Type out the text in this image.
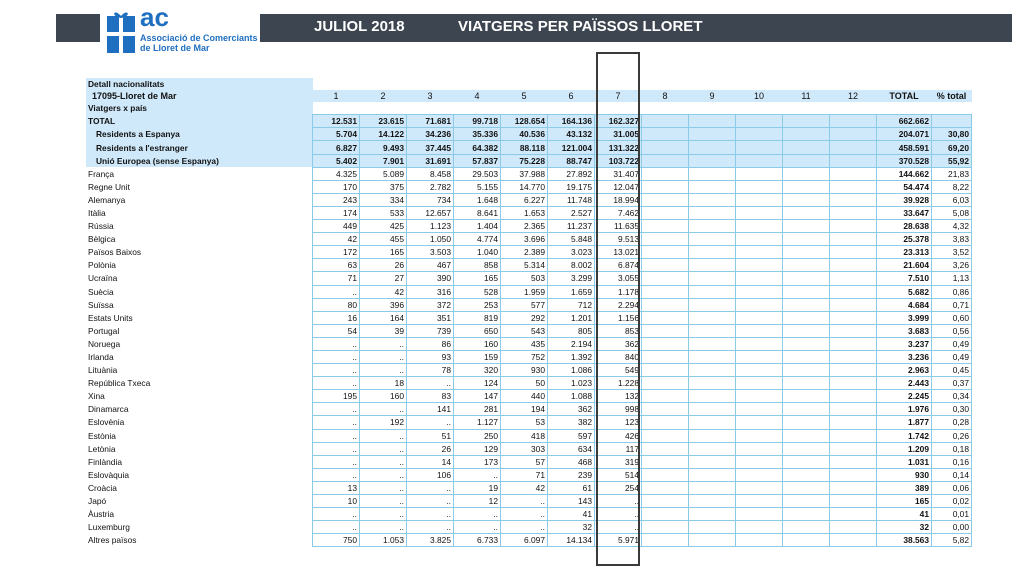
JULIOL 2018	VIATGERS PER PAÏSSOS LLORET
ac
Associació de Comerciants
de Lloret de Mar
Detall nacionalitats														
17095-Lloret de Mar	1	2	3	4	5	6	7	8	9	10	11	12	TOTAL	% total
Viatgers x país														
TOTAL	12.531	23.615	71.681	99.718	128.654	164.136	162.327						662.662	
Residents a Espanya	5.704	14.122	34.236	35.336	40.536	43.132	31.005						204.071	30,80
Residents a l'estranger	6.827	9.493	37.445	64.382	88.118	121.004	131.322						458.591	69,20
Unió Europea (sense Espanya)	5.402	7.901	31.691	57.837	75.228	88.747	103.722						370.528	55,92
França	4.325	5.089	8.458	29.503	37.988	27.892	31.407						144.662	21,83
Regne Unit	170	375	2.782	5.155	14.770	19.175	12.047						54.474	8,22
Alemanya	243	334	734	1.648	6.227	11.748	18.994						39.928	6,03
Itàlia	174	533	12.657	8.641	1.653	2.527	7.462						33.647	5,08
Rússia	449	425	1.123	1.404	2.365	11.237	11.635						28.638	4,32
Bèlgica	42	455	1.050	4.774	3.696	5.848	9.513						25.378	3,83
Països Baixos	172	165	3.503	1.040	2.389	3.023	13.021						23.313	3,52
Polònia	63	26	467	858	5.314	8.002	6.874						21.604	3,26
Ucraïna	71	27	390	165	503	3.299	3.055						7.510	1,13
Suècia	..	42	316	528	1.959	1.659	1.178						5.682	0,86
Suïssa	80	396	372	253	577	712	2.294						4.684	0,71
Estats Units	16	164	351	819	292	1.201	1.156						3.999	0,60
Portugal	54	39	739	650	543	805	853						3.683	0,56
Noruega	..	..	86	160	435	2.194	362						3.237	0,49
Irlanda	..	..	93	159	752	1.392	840						3.236	0,49
Lituània	..	..	78	320	930	1.086	549						2.963	0,45
República Txeca	..	18	..	124	50	1.023	1.228						2.443	0,37
Xina	195	160	83	147	440	1.088	132						2.245	0,34
Dinamarca	..	..	141	281	194	362	998						1.976	0,30
Eslovènia	..	192	..	1.127	53	382	123						1.877	0,28
Estònia	..	..	51	250	418	597	426						1.742	0,26
Letònia	..	..	26	129	303	634	117						1.209	0,18
Finlàndia	..	..	14	173	57	468	319						1.031	0,16
Eslovàquia	..	..	106	..	71	239	514						930	0,14
Croàcia	13	..	..	19	42	61	254						389	0,06
Japó	10	..	..	12	..	143	..						165	0,02
Àustria	..	..	..	..	..	41	..						41	0,01
Luxemburg	..	..	..	..	..	32	..						32	0,00
Altres països	750	1.053	3.825	6.733	6.097	14.134	5.971						38.563	5,82
